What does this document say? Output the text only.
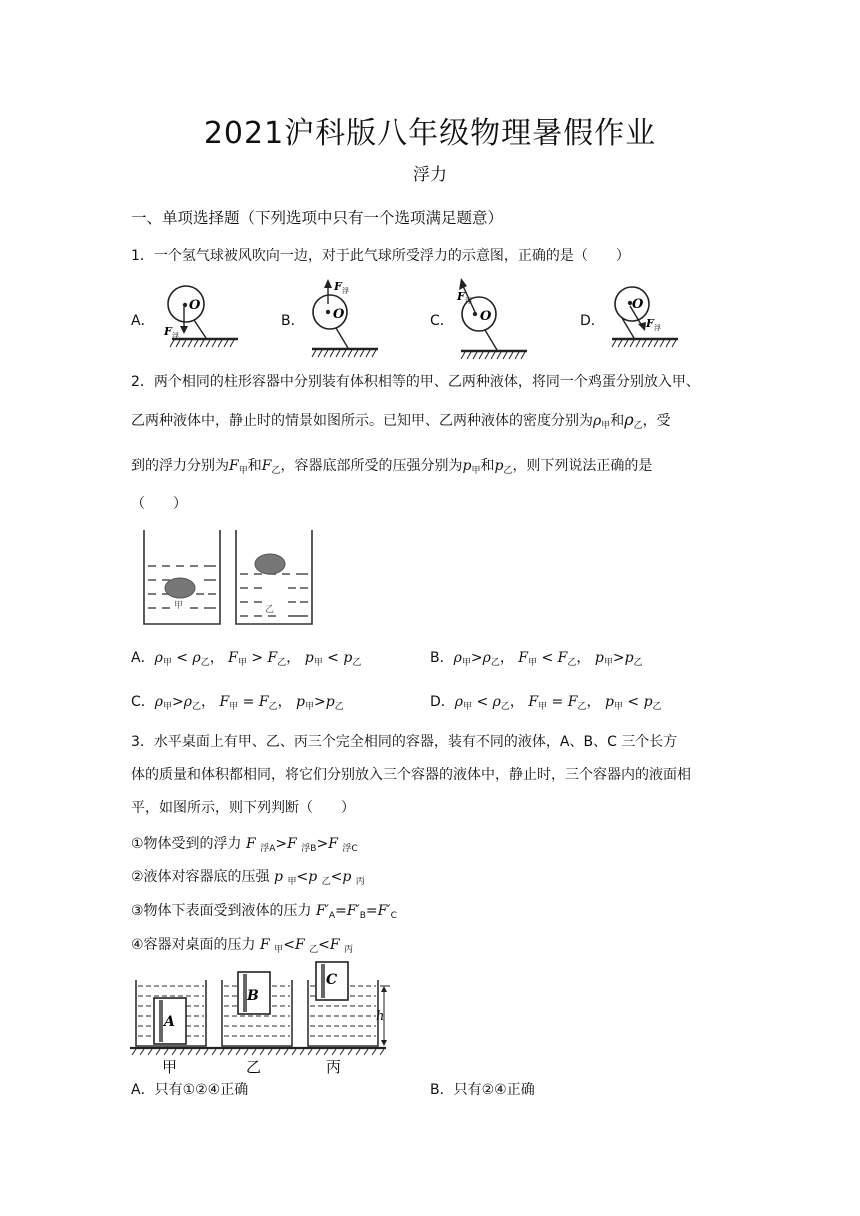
2021沪科版八年级物理暑假作业
浮力
一、单项选择题（下列选项中只有一个选项满足题意）
1．一个氢气球被风吹向一边，对于此气球所受浮力的示意图，正确的是（　　）
A．	B．	C．	D．
O
F 浮
F 浮
O
F 浮
O
O
F 浮
2．两个相同的柱形容器中分别装有体积相等的甲、乙两种液体，将同一个鸡蛋分别放入甲、
乙两种液体中，静止时的情景如图所示。已知甲、乙两种液体的密度分别为$\rho_甲$和$\rho_乙$，受
到的浮力分别为$F_甲$和$F_乙$，容器底部所受的压强分别为$p_甲$和$p_乙$，则下列说法正确的是
（　　）
甲	乙
A．$\rho_甲 < \rho_乙$， $F_甲 > F_乙$， $p_甲 < p_乙$	B．$\rho_甲>\rho_乙$， $F_甲 < F_乙$， $p_甲>p_乙$
C．$\rho_甲>\rho_乙$， $F_甲 = F_乙$， $p_甲>p_乙$	D．$\rho_甲 < \rho_乙$， $F_甲 = F_乙$， $p_甲 < p_乙$
3．水平桌面上有甲、乙、丙三个完全相同的容器，装有不同的液体，A、B、C 三个长方
体的质量和体积都相同，将它们分别放入三个容器的液体中，静止时，三个容器内的液面相
平，如图所示，则下列判断（　　）
①物体受到的浮力 F $_{浮A}$>F $_{浮B}$>F $_{浮C}$
②液体对容器底的压强 p $_甲$<p $_乙$<p $_丙$
③物体下表面受到液体的压力 $F'_A=F'_B=F'_C$
④容器对桌面的压力 F $_甲$<F $_乙$<F $_丙$
A
B
C
h
甲	乙	丙
A．只有①②④正确	B．只有②④正确
